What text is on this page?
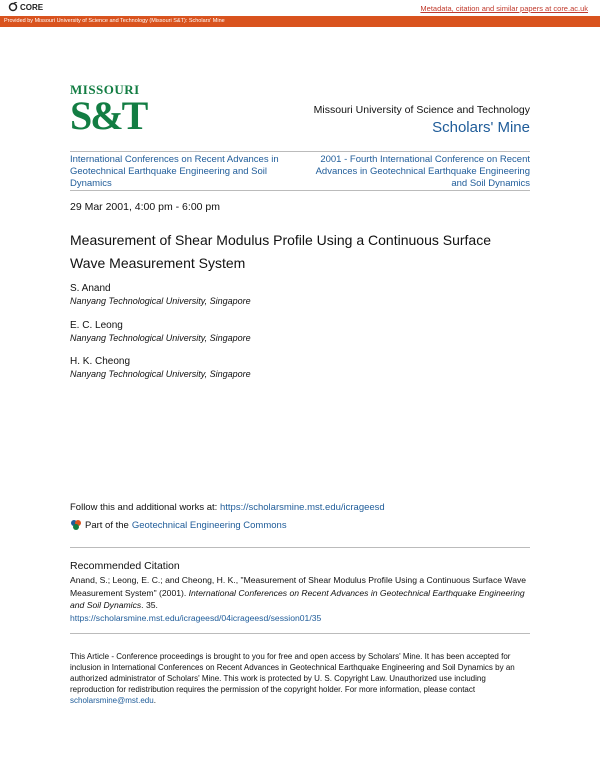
CORE	Metadata, citation and similar papers at core.ac.uk
Provided by Missouri University of Science and Technology (Missouri S&T): Scholars' Mine
MISSOURI
S&T	Missouri University of Science and Technology
Scholars' Mine
International Conferences on Recent Advances in Geotechnical Earthquake Engineering and Soil Dynamics
2001 - Fourth International Conference on Recent Advances in Geotechnical Earthquake Engineering and Soil Dynamics
29 Mar 2001, 4:00 pm - 6:00 pm
Measurement of Shear Modulus Profile Using a Continuous Surface Wave Measurement System
S. Anand
Nanyang Technological University, Singapore
E. C. Leong
Nanyang Technological University, Singapore
H. K. Cheong
Nanyang Technological University, Singapore
Follow this and additional works at: https://scholarsmine.mst.edu/icrageesd
Part of the Geotechnical Engineering Commons
Recommended Citation
Anand, S.; Leong, E. C.; and Cheong, H. K., "Measurement of Shear Modulus Profile Using a Continuous Surface Wave Measurement System" (2001). International Conferences on Recent Advances in Geotechnical Earthquake Engineering and Soil Dynamics. 35.
https://scholarsmine.mst.edu/icrageesd/04icrageesd/session01/35
This Article - Conference proceedings is brought to you for free and open access by Scholars' Mine. It has been accepted for inclusion in International Conferences on Recent Advances in Geotechnical Earthquake Engineering and Soil Dynamics by an authorized administrator of Scholars' Mine. This work is protected by U. S. Copyright Law. Unauthorized use including reproduction for redistribution requires the permission of the copyright holder. For more information, please contact scholarsmine@mst.edu.
